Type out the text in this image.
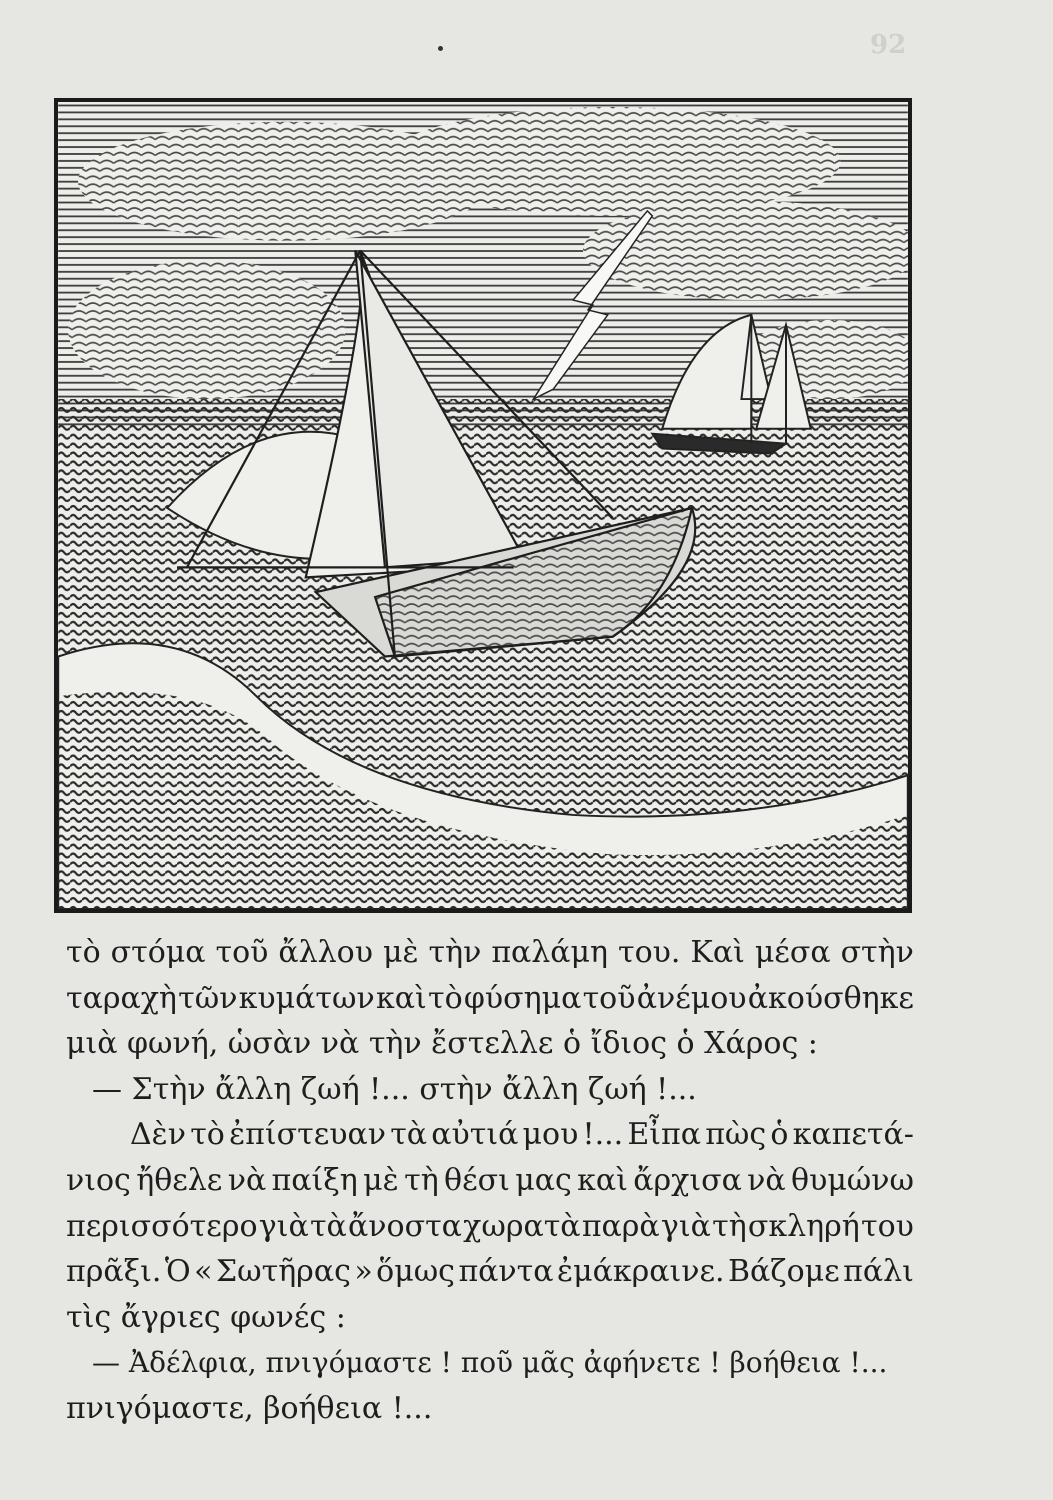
92
τὸ στόμα τοῦ ἄλλου μὲ τὴν παλάμη του. Καὶ μέσα στὴν
ταραχὴ τῶν κυμάτων καὶ τὸ φύσημα τοῦ ἀνέμου ἀκούσθηκε
μιὰ φωνή, ὡσὰν νὰ τὴν ἔστελλε ὁ ἴδιος ὁ Χάρος :
— Στὴν ἄλλη ζωή !... στὴν ἄλλη ζωή !...
Δὲν τὸ ἐπίστευαν τὰ αὐτιά μου !... Εἶπα πὼς ὁ καπετά-
νιος ἤθελε νὰ παίξη μὲ τὴ θέσι μας καὶ ἄρχισα νὰ θυμώνω
περισσότερο γιὰ τὰ ἄνοστα χωρατὰ παρὰ γιὰ τὴ σκληρή του
πρᾶξι. Ὁ « Σωτῆρας » ὅμως πάντα ἐμάκραινε. Βάζομε πάλι
τὶς ἄγριες φωνές :
— Ἀδέλφια, πνιγόμαστε ! ποῦ μᾶς ἀφήνετε ! βοήθεια !...
πνιγόμαστε, βοήθεια !...
